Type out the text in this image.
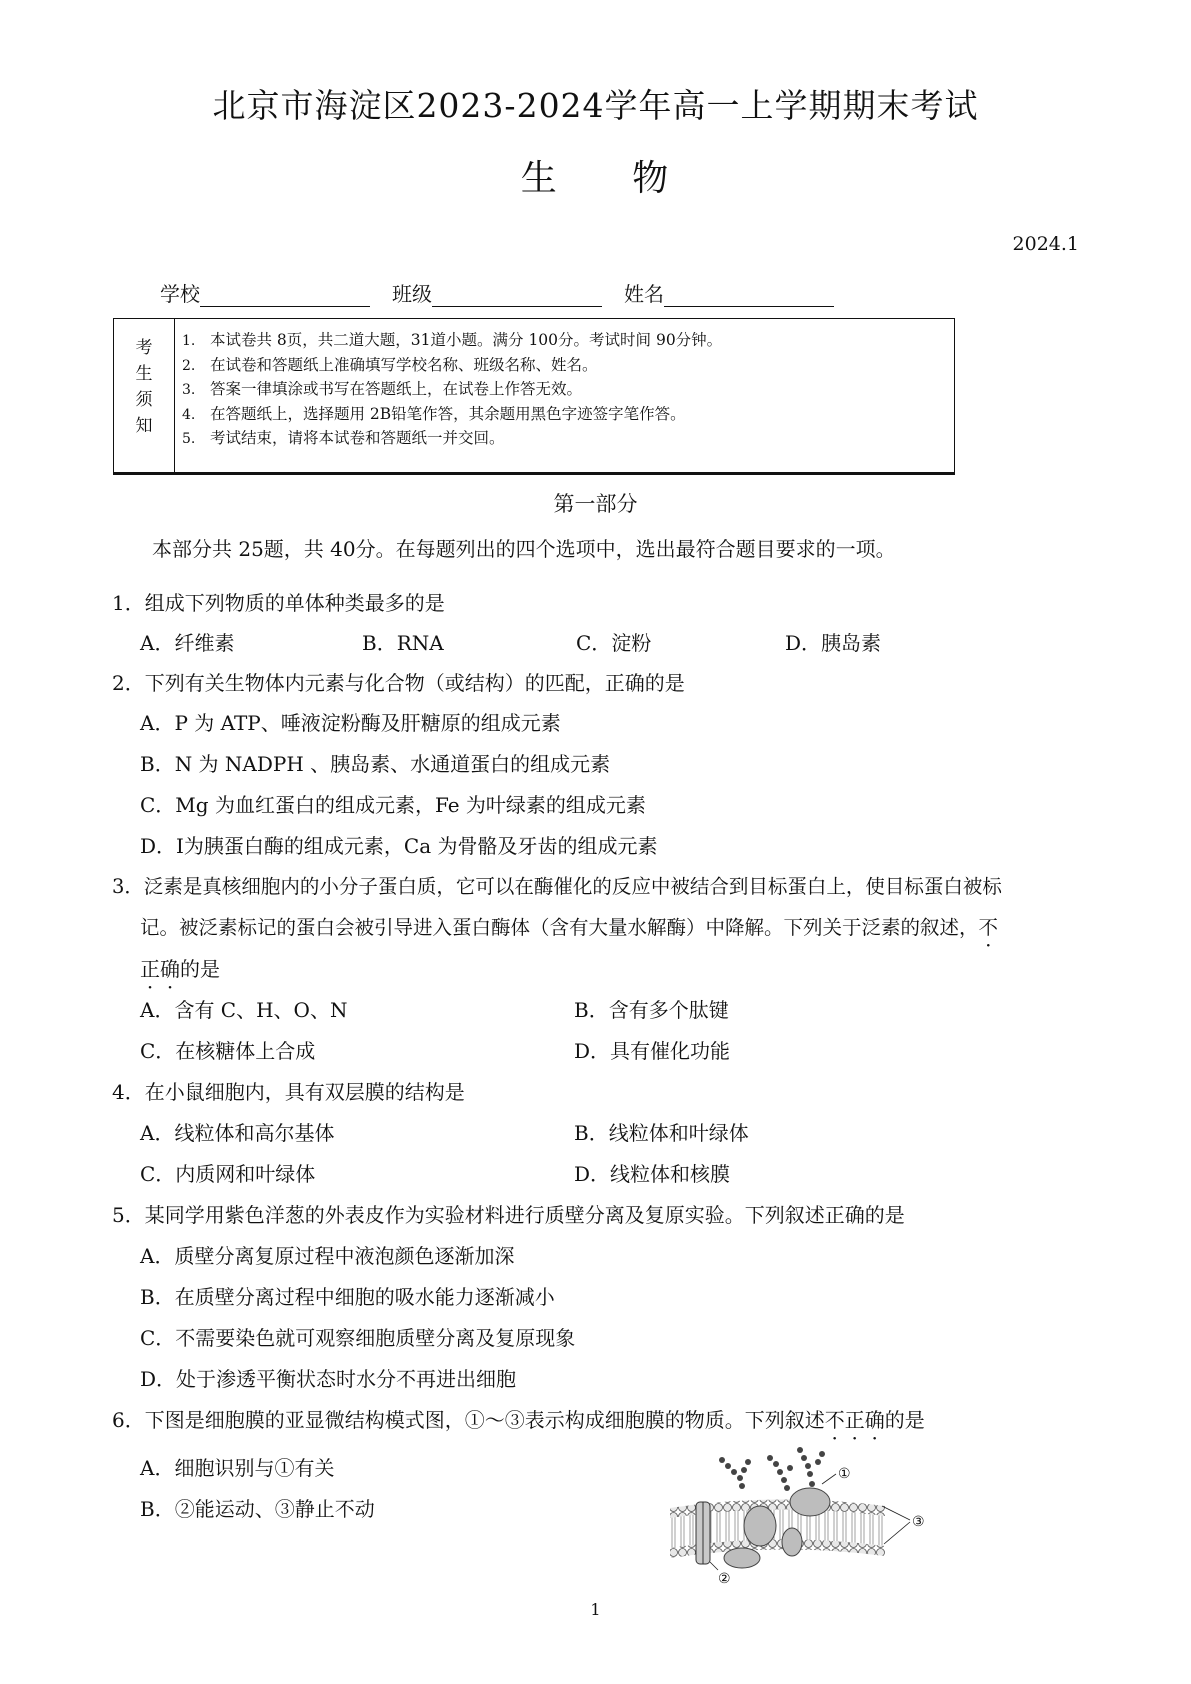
北京市海淀区2023-2024学年高一上学期期末考试
生 物
2024.1
学校	班级	姓名
考
生
须
知
1. 本试卷共 8页，共二道大题，31道小题。满分 100分。考试时间 90分钟。
2. 在试卷和答题纸上准确填写学校名称、班级名称、姓名。
3. 答案一律填涂或书写在答题纸上，在试卷上作答无效。
4. 在答题纸上，选择题用 2B铅笔作答，其余题用黑色字迹签字笔作答。
5. 考试结束，请将本试卷和答题纸一并交回。
第一部分
本部分共 25题，共 40分。在每题列出的四个选项中，选出最符合题目要求的一项。
1．组成下列物质的单体种类最多的是
A．纤维素	B．RNA	C．淀粉	D．胰岛素
2．下列有关生物体内元素与化合物（或结构）的匹配，正确的是
A．P 为 ATP、唾液淀粉酶及肝糖原的组成元素
B．N 为 NADPH 、胰岛素、水通道蛋白的组成元素
C．Mg 为血红蛋白的组成元素，Fe 为叶绿素的组成元素
D．I为胰蛋白酶的组成元素，Ca 为骨骼及牙齿的组成元素
3．泛素是真核细胞内的小分子蛋白质，它可以在酶催化的反应中被结合到目标蛋白上，使目标蛋白被标
记。被泛素标记的蛋白会被引导进入蛋白酶体（含有大量水解酶）中降解。下列关于泛素的叙述，不
正确的是
A．含有 C、H、O、N	B．含有多个肽键
C．在核糖体上合成	D．具有催化功能
4．在小鼠细胞内，具有双层膜的结构是
A．线粒体和高尔基体	B．线粒体和叶绿体
C．内质网和叶绿体	D．线粒体和核膜
5．某同学用紫色洋葱的外表皮作为实验材料进行质壁分离及复原实验。下列叙述正确的是
A．质壁分离复原过程中液泡颜色逐渐加深
B．在质壁分离过程中细胞的吸水能力逐渐减小
C．不需要染色就可观察细胞质壁分离及复原现象
D．处于渗透平衡状态时水分不再进出细胞
6．下图是细胞膜的亚显微结构模式图，①～③表示构成细胞膜的物质。下列叙述不正确的是
A．细胞识别与①有关
B．②能运动、③静止不动
①
③
②
1
